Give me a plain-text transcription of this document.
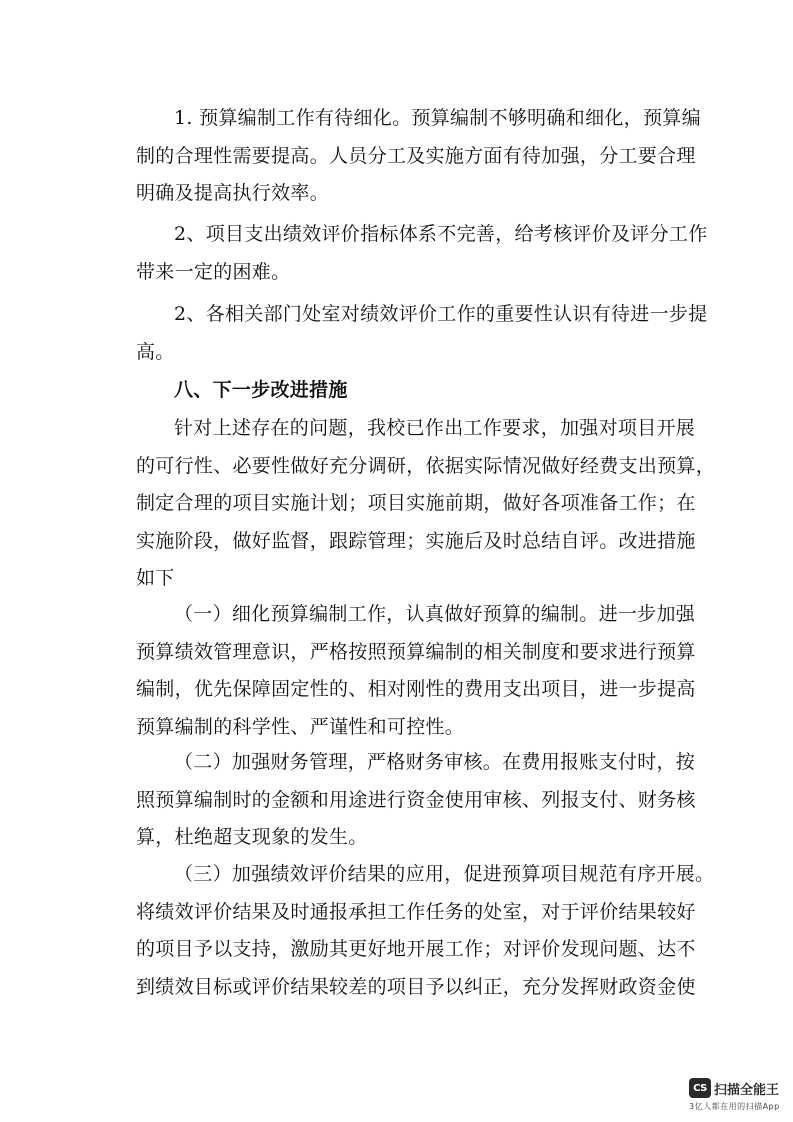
1. 预算编制工作有待细化。预算编制不够明确和细化，预算编
制的合理性需要提高。人员分工及实施方面有待加强，分工要合理
明确及提高执行效率。

2、项目支出绩效评价指标体系不完善，给考核评价及评分工作
带来一定的困难。

2、各相关部门处室对绩效评价工作的重要性认识有待进一步提
高。

八、下一步改进措施

针对上述存在的问题，我校已作出工作要求，加强对项目开展
的可行性、必要性做好充分调研，依据实际情况做好经费支出预算，
制定合理的项目实施计划；项目实施前期，做好各项准备工作；在
实施阶段，做好监督，跟踪管理；实施后及时总结自评。改进措施
如下

（一）细化预算编制工作，认真做好预算的编制。进一步加强
预算绩效管理意识，严格按照预算编制的相关制度和要求进行预算
编制，优先保障固定性的、相对刚性的费用支出项目，进一步提高
预算编制的科学性、严谨性和可控性。

（二）加强财务管理，严格财务审核。在费用报账支付时，按
照预算编制时的金额和用途进行资金使用审核、列报支付、财务核
算，杜绝超支现象的发生。

（三）加强绩效评价结果的应用，促进预算项目规范有序开展。
将绩效评价结果及时通报承担工作任务的处室，对于评价结果较好
的项目予以支持，激励其更好地开展工作；对评价发现问题、达不
到绩效目标或评价结果较差的项目予以纠正，充分发挥财政资金使

CS 扫描全能王
3亿人都在用的扫描App
